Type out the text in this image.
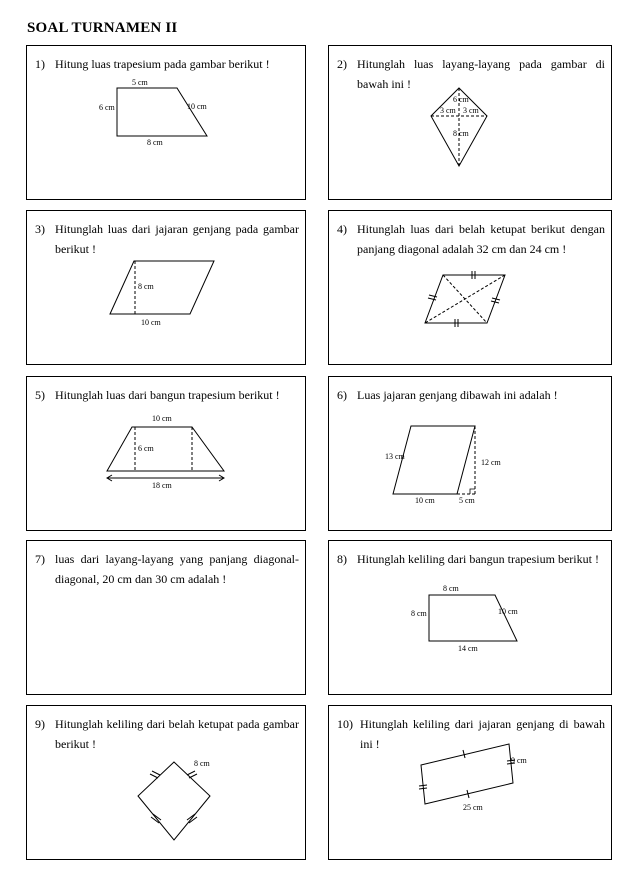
SOAL TURNAMEN II
1) Hitung luas trapesium pada gambar berikut !
5 cm
6 cm	10 cm
8 cm
2) Hitunglah luas layang-layang pada gambar di bawah ini !
6 cm
3 cm 3 cm
8 cm
3) Hitunglah luas dari jajaran genjang pada gambar berikut !
8 cm
10 cm
4) Hitunglah luas dari belah ketupat berikut dengan panjang diagonal adalah 32 cm dan 24 cm !
5) Hitunglah luas dari bangun trapesium berikut !
10 cm
6 cm
18 cm
6) Luas jajaran genjang dibawah ini adalah !
13 cm
12 cm
10 cm	5 cm
7) luas dari layang-layang yang panjang diagonal-diagonal, 20 cm dan 30 cm adalah !
8) Hitunglah keliling dari bangun trapesium berikut !
8 cm
8 cm	10 cm
14 cm
9) Hitunglah keliling dari belah ketupat pada gambar berikut !
8 cm
10) Hitunglah keliling dari jajaran genjang di bawah ini !
9 cm
25 cm
